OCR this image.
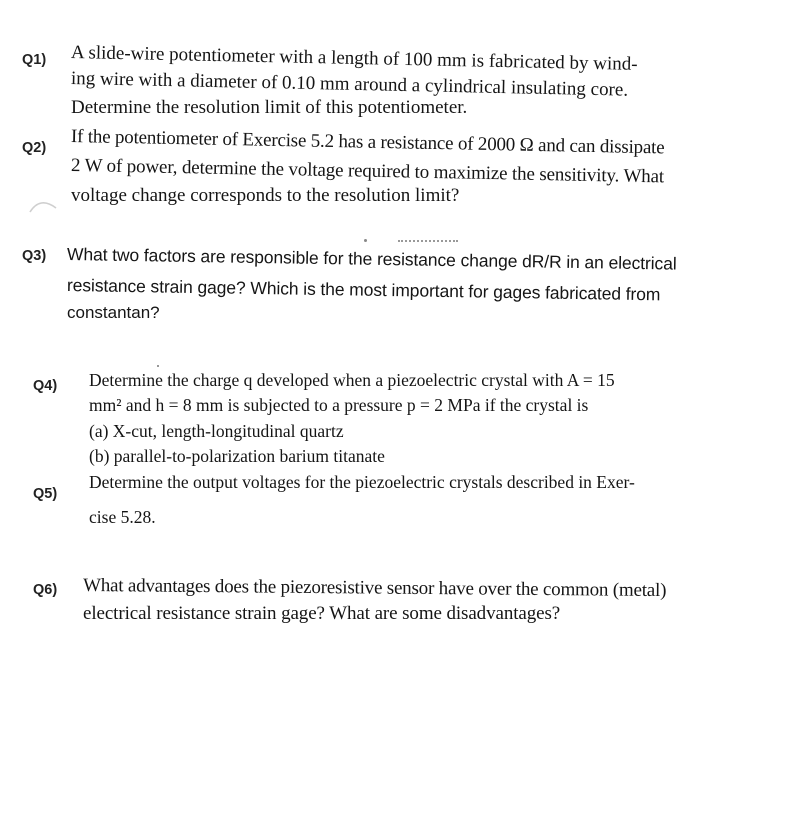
Q1) A slide-wire potentiometer with a length of 100 mm is fabricated by wind-
ing wire with a diameter of 0.10 mm around a cylindrical insulating core.
Determine the resolution limit of this potentiometer.
Q2) If the potentiometer of Exercise 5.2 has a resistance of 2000 Ω and can dissipate
2 W of power, determine the voltage required to maximize the sensitivity. What
voltage change corresponds to the resolution limit?
Q3) What two factors are responsible for the resistance change dR/R in an electrical
resistance strain gage? Which is the most important for gages fabricated from
constantan?
Q4) Determine the charge q developed when a piezoelectric crystal with A = 15
mm² and h = 8 mm is subjected to a pressure p = 2 MPa if the crystal is
(a) X-cut, length-longitudinal quartz
(b) parallel-to-polarization barium titanate
Q5)
Determine the output voltages for the piezoelectric crystals described in Exer-
cise 5.28.
Q6) What advantages does the piezoresistive sensor have over the common (metal)
electrical resistance strain gage? What are some disadvantages?
